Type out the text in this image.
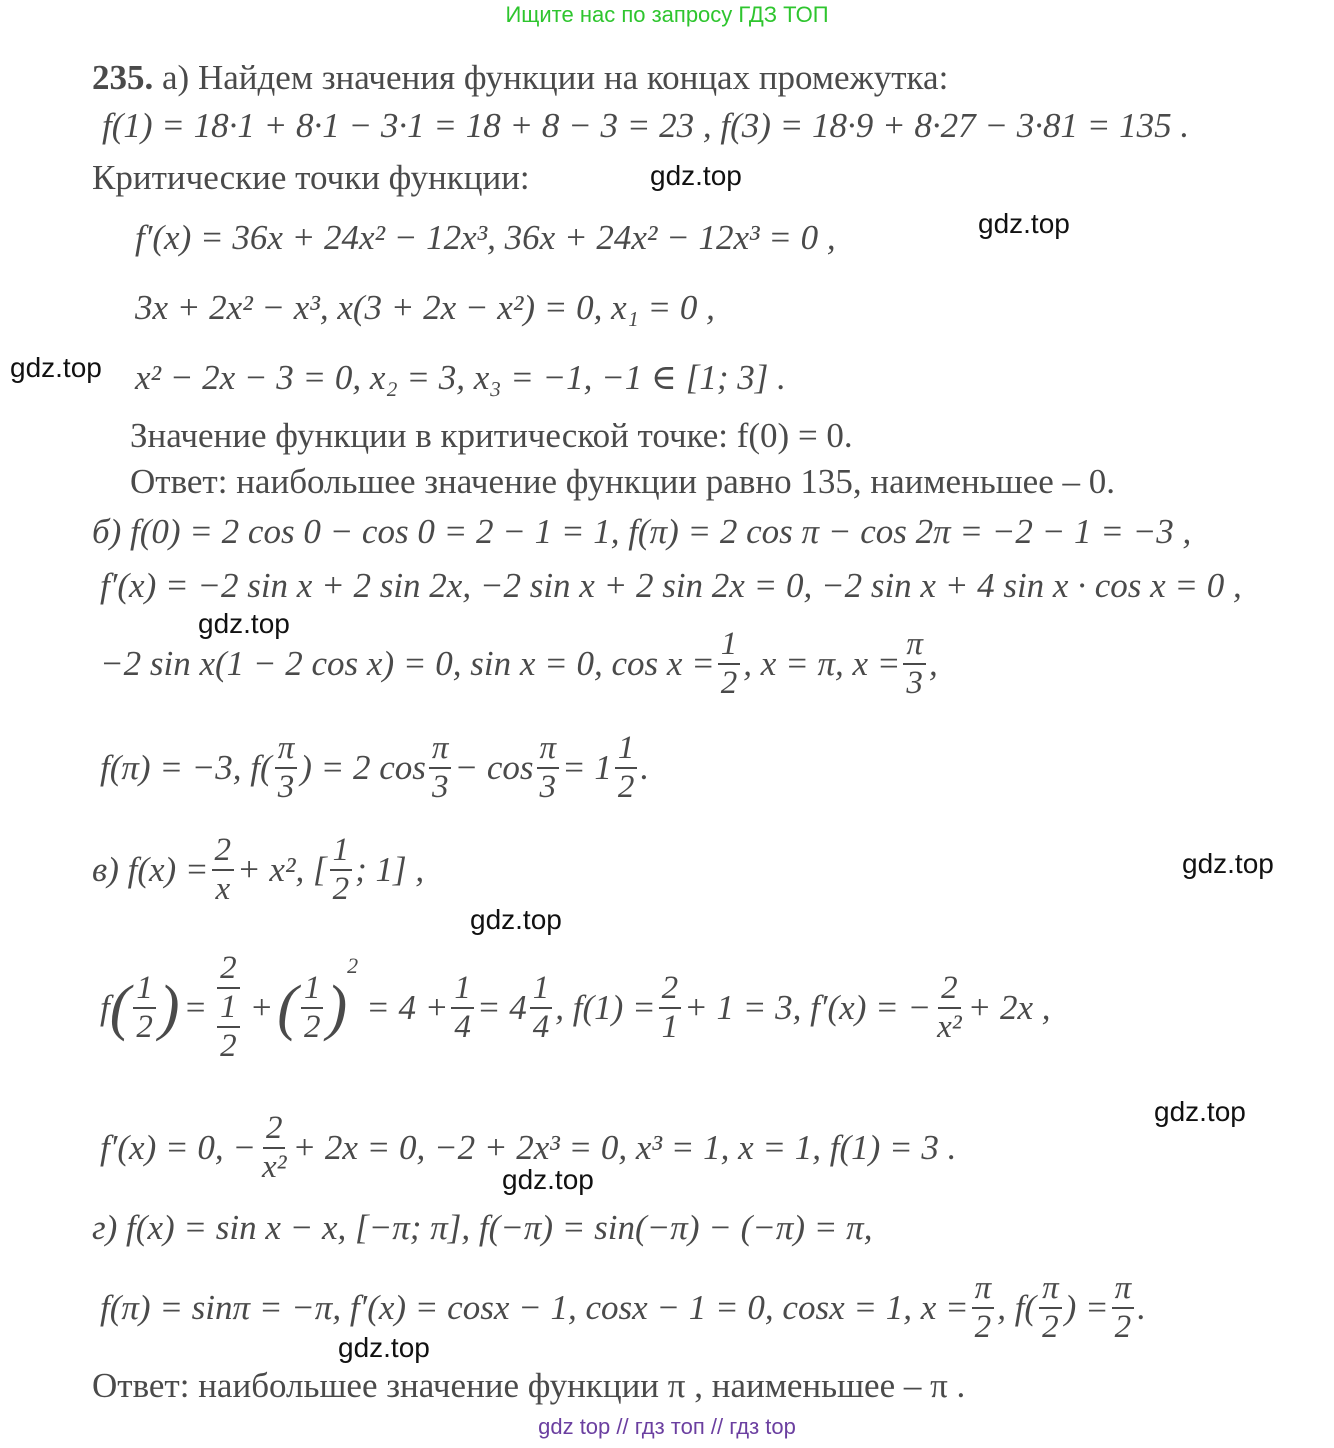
Ищите нас по запросу ГДЗ ТОП
235. а) Найдем значения функции на концах промежутка:
f(1) = 18·1 + 8·1 − 3·1 = 18 + 8 − 3 = 23 , f(3) = 18·9 + 8·27 − 3·81 = 135 .
Критические точки функции:
f′(x) = 36x + 24x² − 12x³, 36x + 24x² − 12x³ = 0 ,
3x + 2x² − x³, x(3 + 2x − x²) = 0, x₁ = 0 ,
x² − 2x − 3 = 0, x₂ = 3, x₃ = −1, −1 ∈ [1; 3] .
Значение функции в критической точке: f(0) = 0.
Ответ: наибольшее значение функции равно 135, наименьшее – 0.
б) f(0) = 2 cos 0 − cos 0 = 2 − 1 = 1, f(π) = 2 cos π − cos 2π = −2 − 1 = −3 ,
f′(x) = −2 sin x + 2 sin 2x, −2 sin x + 2 sin 2x = 0, −2 sin x + 4 sin x · cos x = 0 ,
−2 sin x(1 − 2 cos x) = 0, sin x = 0, $\cos x = \frac{1}{2}$ , x = π, $x = \frac{\pi}{3}$ ,
f(π) = −3, $f( \frac{\pi}{3}$ ) = 2 $\cos \frac{\pi}{3} - \cos \frac{\pi}{3} = 1 \frac{1}{2}$ .
в) $f(x) = \frac{2}{x} + x^2$, [ $\frac{1}{2}$ ; 1] ,
f ( $\frac{1}{2}$ ) = 2
1
2 + ( $\frac{1}{2}$ )
$^2$
= $4 + \frac{1}{4} = 4 \frac{1}{4}$ , $f(1) = \frac{2}{1} + 1 = 3$, f′(x) = − $\frac{2}{\text{x²}} + 2x$ ,
f′(x) = 0, − $\frac{2}{\text{x²}} + 2x = 0$, −2 + 2x³ = 0, x³ = 1, x = 1, f(1) = 3 .
г) f(x) = sin x − x, [−π; π], f(−π) = sin(−π) − (−π) = π,
f(π) = sinπ = −π, f′(x) = cosx − 1, cosx − 1 = 0, cosx = 1, $x = \frac{\pi}{2}$ , $f( \frac{\pi}{2}$ ) = $\frac{\pi}{2}$ .
Ответ: наибольшее значение функции π , наименьшее – π .
gdz.top
gdz.top
gdz.top
gdz.top
gdz.top
gdz.top
gdz.top
gdz.top
gdz.top
gdz top // гдз топ // гдз top
